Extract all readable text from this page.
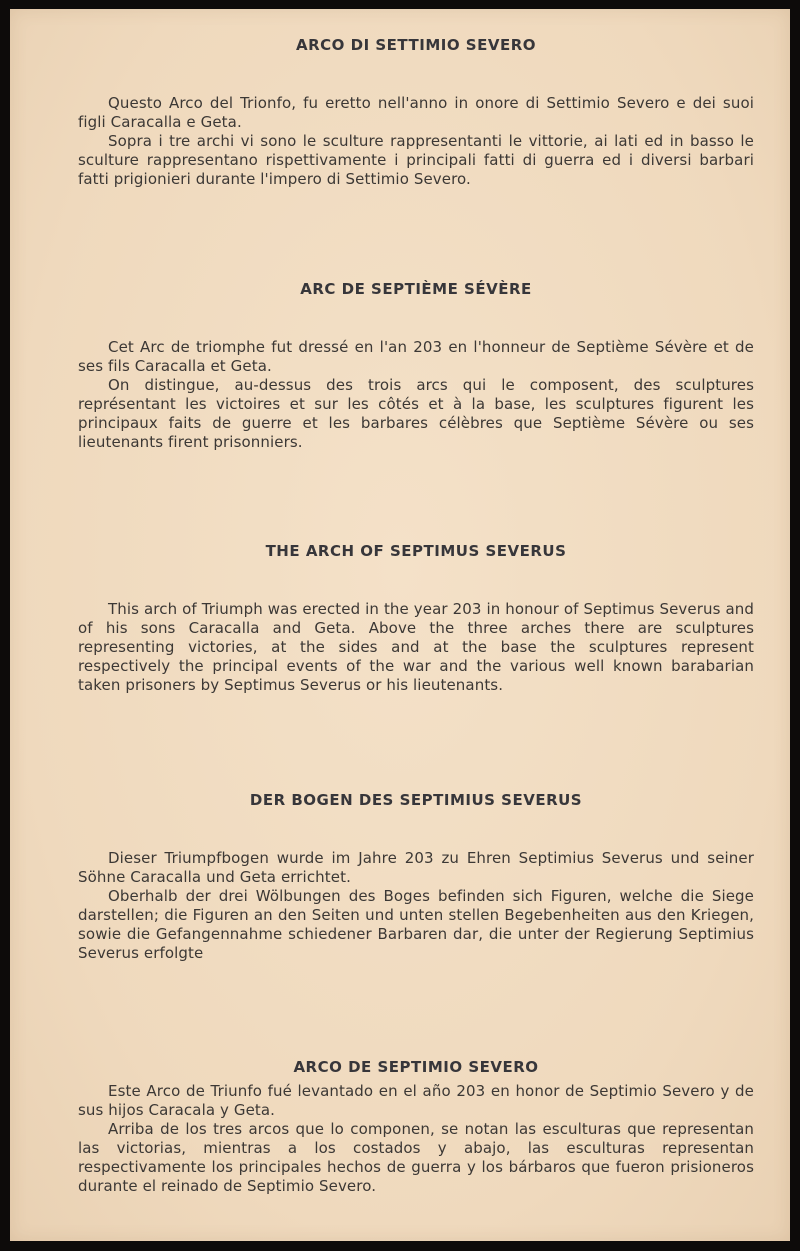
ARCO DI SETTIMIO SEVERO

Questo Arco del Trionfo, fu eretto nell'anno in onore di Settimio Severo e dei suoi figli Caracalla e Geta.

Sopra i tre archi vi sono le sculture rappresentanti le vittorie, ai lati ed in basso le sculture rappresentano rispettivamente i principali fatti di guerra ed i diversi barbari fatti prigionieri durante l'impero di Settimio Severo.

ARC DE SEPTIÈME SÉVÈRE

Cet Arc de triomphe fut dressé en l'an 203 en l'honneur de Septième Sévère et de ses fils Caracalla et Geta.

On distingue, au-dessus des trois arcs qui le composent, des sculptures représentant les victoires et sur les côtés et à la base, les sculptures figurent les principaux faits de guerre et les barbares célèbres que Septième Sévère ou ses lieutenants firent prisonniers.

THE ARCH OF SEPTIMUS SEVERUS

This arch of Triumph was erected in the year 203 in honour of Septimus Severus and of his sons Caracalla and Geta. Above the three arches there are sculptures representing victories, at the sides and at the base the sculptures represent respectively the principal events of the war and the various well known barabarian taken prisoners by Septimus Severus or his lieutenants.

DER BOGEN DES SEPTIMIUS SEVERUS

Dieser Triumpfbogen wurde im Jahre 203 zu Ehren Septimius Severus und seiner Söhne Caracalla und Geta errichtet.

Oberhalb der drei Wölbungen des Boges befinden sich Figuren, welche die Siege darstellen; die Figuren an den Seiten und unten stellen Begebenheiten aus den Kriegen, sowie die Gefangennahme schiedener Barbaren dar, die unter der Regierung Septimius Severus erfolgte

ARCO DE SEPTIMIO SEVERO

Este Arco de Triunfo fué levantado en el año 203 en honor de Septimio Severo y de sus hijos Caracala y Geta.

Arriba de los tres arcos que lo componen, se notan las esculturas que representan las victorias, mientras a los costados y abajo, las esculturas representan respectivamente los principales hechos de guerra y los bárbaros que fueron prisioneros durante el reinado de Septimio Severo.
